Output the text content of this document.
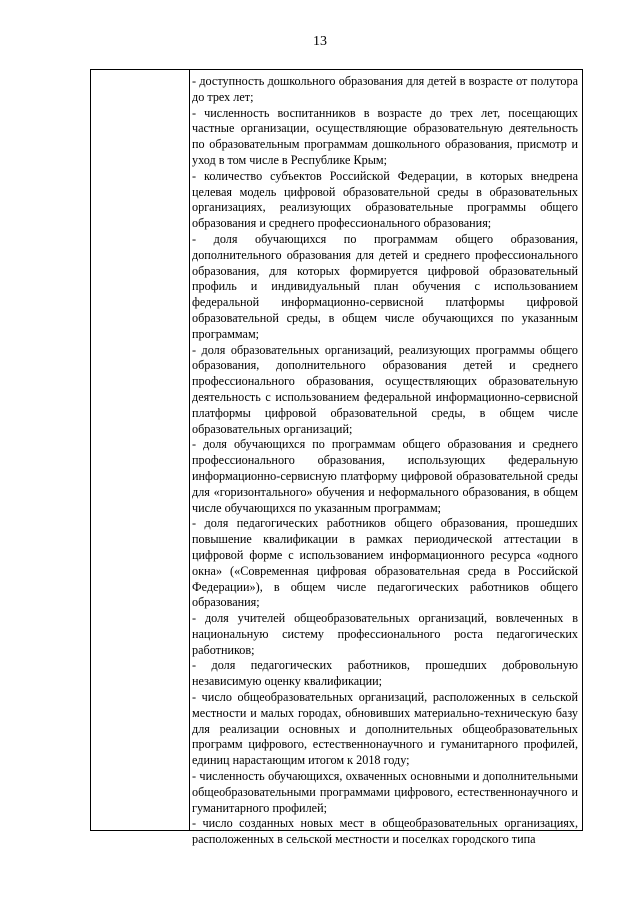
13

- доступность дошкольного образования для детей в возрасте от полутора до трех лет;

- численность воспитанников в возрасте до трех лет, посещающих частные организации, осуществляющие образовательную деятельность по образовательным программам дошкольного образования, присмотр и уход в том числе в Республике Крым;

- количество субъектов Российской Федерации, в которых внедрена целевая модель цифровой образовательной среды в образовательных организациях, реализующих образовательные программы общего образования и среднего профессионального образования;

- доля обучающихся по программам общего образования, дополнительного образования для детей и среднего профессионального образования, для которых формируется цифровой образовательный профиль и индивидуальный план обучения с использованием федеральной информационно-сервисной платформы цифровой образовательной среды, в общем числе обучающихся по указанным программам;

- доля образовательных организаций, реализующих программы общего образования, дополнительного образования детей и среднего профессионального образования, осуществляющих образовательную деятельность с использованием федеральной информационно-сервисной платформы цифровой образовательной среды, в общем числе образовательных организаций;

- доля обучающихся по программам общего образования и среднего профессионального образования, использующих федеральную информационно-сервисную платформу цифровой образовательной среды для «горизонтального» обучения и неформального образования, в общем числе обучающихся по указанным программам;

- доля педагогических работников общего образования, прошедших повышение квалификации в рамках периодической аттестации в цифровой форме с использованием информационного ресурса «одного окна» («Современная цифровая образовательная среда в Российской Федерации»), в общем числе педагогических работников общего образования;

- доля учителей общеобразовательных организаций, вовлеченных в национальную систему профессионального роста педагогических работников;

- доля педагогических работников, прошедших добровольную независимую оценку квалификации;

- число общеобразовательных организаций, расположенных в сельской местности и малых городах, обновивших материально-техническую базу для реализации основных и дополнительных общеобразовательных программ цифрового, естественнонаучного и гуманитарного профилей, единиц нарастающим итогом к 2018 году;

- численность обучающихся, охваченных основными и дополнительными общеобразовательными программами цифрового, естественнонаучного и гуманитарного профилей;

- число созданных новых мест в общеобразовательных организациях, расположенных в сельской местности и поселках городского типа
